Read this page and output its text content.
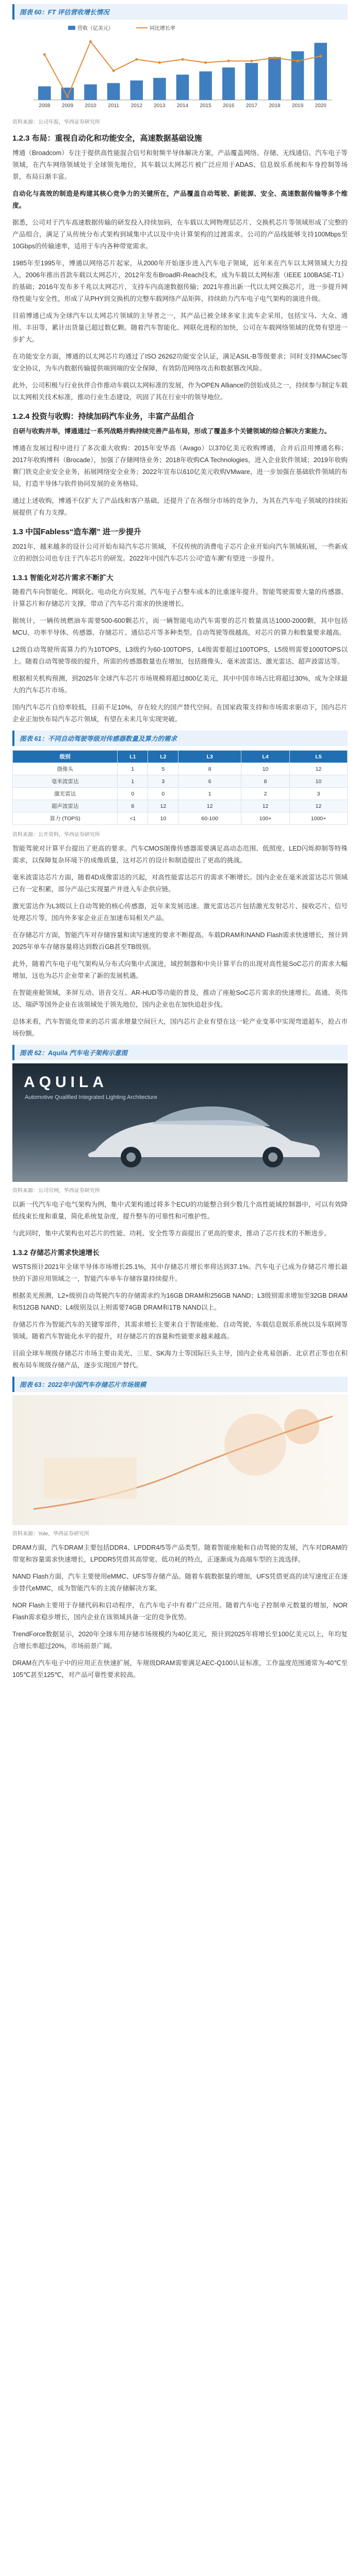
图表 60：FT 评估营收增长情况
营收（亿美元）	同比增长率
2008 2009 2010 2011 2012 2013 2014 2015 2016 2017 2018 2019 2020
资料来源：公司年报，华西证券研究所
1.2.3 布局：重视自动化和功能安全，高速数据基础设施
博通（Broadcom）专注于提供高性能混合信号和射频半导体解决方案，产品覆盖网络、存储、无线通信、汽车电子等领域，在汽车网络领域处于全球领先地位，其车载以太网芯片被广泛应用于ADAS、信息娱乐系统和车身控制等场景，布局日渐丰富。
自动化与高效的制造是构建其核心竞争力的关键所在，产品覆盖自动驾驶、新能源、安全、高速数据传输等多个维度。
据悉，公司对于汽车高速数据传输的研发投入持续加码，在车载以太网物理层芯片、交换机芯片等领域形成了完整的产品组合，满足了从传统分布式架构到域集中式以及中央计算架构的过渡需求。公司的产品线能够支持100Mbps至10Gbps的传输速率，适用于车内各种带宽需求。
1985年至1995年，博通以网络芯片起家，从2000年开始逐步进入汽车电子领域，近年来在汽车以太网领域大力投入，2006年推出首款车载以太网芯片，2012年发布BroadR-Reach技术，成为车载以太网标准（IEEE 100BASE-T1）的基础；2016年发布多千兆以太网芯片，支持车内高速数据传输；2021年推出新一代以太网交换芯片，进一步提升网络性能与安全性，形成了从PHY到交换机的完整车载网络产品矩阵，持续助力汽车电子电气架构的演进升级。
目前博通已成为全球汽车以太网芯片领域的主导者之一，其产品已被全球多家主流车企采用，包括宝马、大众、通用、丰田等，累计出货量已超过数亿颗。随着汽车智能化、网联化进程的加快，公司在车载网络领域的优势有望进一步扩大。
在功能安全方面，博通的以太网芯片均通过了ISO 26262功能安全认证，满足ASIL-B等级要求；同时支持MACsec等安全协议，为车内数据传输提供端到端的安全保障，有效防范网络攻击和数据篡改风险。
此外，公司积极与行业伙伴合作推动车载以太网标准的发展，作为OPEN Alliance的创始成员之一，持续参与制定车载以太网相关技术标准，推动行业生态建设，巩固了其在行业中的领导地位。
1.2.4 投资与收购：持续加码汽车业务，丰富产品组合
自研与收购并举，博通通过一系列战略并购持续完善产品布局，形成了覆盖多个关键领域的综合解决方案能力。
博通在发展过程中进行了多次重大收购：2015年安华高（Avago）以370亿美元收购博通，合并后沿用博通名称；2017年收购博科（Brocade），加强了存储网络业务；2018年收购CA Technologies，进入企业软件领域；2019年收购赛门铁克企业安全业务，拓展网络安全业务；2022年宣布以610亿美元收购VMware，进一步加强在基础软件领域的布局，打造半导体与软件协同发展的业务格局。
通过上述收购，博通不仅扩大了产品线和客户基础，还提升了在各细分市场的竞争力，为其在汽车电子领域的持续拓展提供了有力支撑。
1.3 中国Fabless“造车潮” 进一步提升
2021年，越来越多的设计公司开始布局汽车芯片领域，不仅传统的消费电子芯片企业开始向汽车领域拓展，一些新成立的初创公司也专注于汽车芯片的研发。2022年中国汽车芯片公司“造车潮”有望进一步提升。
1.3.1 智能化对芯片需求不断扩大
随着汽车向智能化、网联化、电动化方向发展，汽车电子占整车成本的比重逐年提升。智能驾驶需要大量的传感器、计算芯片和存储芯片支撑，带动了汽车芯片需求的快速增长。
据统计，一辆传统燃油车需要500-600颗芯片，而一辆智能电动汽车需要的芯片数量高达1000-2000颗，其中包括MCU、功率半导体、传感器、存储芯片、通信芯片等多种类型。自动驾驶等级越高，对芯片的算力和数量要求越高。
L2级自动驾驶所需算力约为10TOPS，L3级约为60-100TOPS，L4级需要超过100TOPS，L5级则需要1000TOPS以上。随着自动驾驶等级的提升，所需的传感器数量也在增加，包括摄像头、毫米波雷达、激光雷达、超声波雷达等。
根据相关机构预测，到2025年全球汽车芯片市场规模将超过800亿美元，其中中国市场占比将超过30%，成为全球最大的汽车芯片市场。
国内汽车芯片自给率较低，目前不足10%，存在较大的国产替代空间。在国家政策支持和市场需求驱动下，国内芯片企业正加快布局汽车芯片领域，有望在未来几年实现突破。
图表 61：不同自动驾驶等级对传感器数量及算力的需求
级别	L1	L2	L3	L4	L5
摄像头	1	5	8	10	12
毫米波雷达	1	3	6	8	10
激光雷达	0	0	1	2	3
超声波雷达	8	12	12	12	12
算力 (TOPS)	<1	10	60-100	100+	1000+
资料来源：公开资料，华西证券研究所
智能驾驶对计算平台提出了更高的要求。汽车CMOS图像传感器需要满足高动态范围、低照度、LED闪烁抑制等特殊需求，以保障复杂环境下的成像质量，这对芯片的设计和制造提出了更高的挑战。
毫米波雷达芯片方面，随着4D成像雷达的兴起，对高性能雷达芯片的需求不断增长。国内企业在毫米波雷达芯片领域已有一定积累，部分产品已实现量产并进入车企供应链。
激光雷达作为L3级以上自动驾驶的核心传感器，近年来发展迅速。激光雷达芯片包括激光发射芯片、接收芯片、信号处理芯片等，国内外多家企业正在加速布局相关产品。
在存储芯片方面，智能汽车对存储容量和读写速度的要求不断提高。车载DRAM和NAND Flash需求快速增长，预计到2025年单车存储容量将达到数百GB甚至TB级别。
此外，随着汽车电子电气架构从分布式向集中式演进，域控制器和中央计算平台的出现对高性能SoC芯片的需求大幅增加，这也为芯片企业带来了新的发展机遇。
在智能座舱领域，多屏互动、语音交互、AR-HUD等功能的普及，推动了座舱SoC芯片需求的快速增长。高通、英伟达、瑞萨等国外企业在该领域处于领先地位，国内企业也在加快追赶步伐。
总体来看，汽车智能化带来的芯片需求增量空间巨大，国内芯片企业有望在这一轮产业变革中实现弯道超车，抢占市场份额。
图表 62：Aquila 汽车电子架构示意图
AQUILA
Automotive Qualified Integrated Lighting Architecture
资料来源：公司官网，华西证券研究所
以新一代汽车电子电气架构为例，集中式架构通过将多个ECU的功能整合到少数几个高性能域控制器中，可以有效降低线束长度和重量，简化系统复杂度，提升整车的可靠性和可维护性。
与此同时，集中式架构也对芯片的性能、功耗、安全性等方面提出了更高的要求，推动了芯片技术的不断进步。
1.3.2 存储芯片需求快速增长
WSTS预计2021年全球半导体市场增长25.1%，其中存储芯片增长率将达到37.1%。汽车电子已成为存储芯片增长最快的下游应用领域之一，智能汽车单车存储容量持续提升。
根据美光预测，L2+级别自动驾驶汽车的存储需求约为16GB DRAM和256GB NAND；L3级别需求增加至32GB DRAM和512GB NAND；L4级别及以上则需要74GB DRAM和1TB NAND以上。
存储芯片作为智能汽车的关键零部件，其需求增长主要来自于智能座舱、自动驾驶、车载信息娱乐系统以及车联网等领域。随着汽车智能化水平的提升，对存储芯片的容量和性能要求越来越高。
目前全球车规级存储芯片市场主要由美光、三星、SK海力士等国际巨头主导，国内企业兆易创新、北京君正等也在积极布局车规级存储产品，逐步实现国产替代。
图表 63：2022年中国汽车存储芯片市场规模
资料来源：Yole，华西证券研究所
DRAM方面，汽车DRAM主要包括DDR4、LPDDR4/5等产品类型。随着智能座舱和自动驾驶的发展，汽车对DRAM的带宽和容量需求快速增长，LPDDR5凭借其高带宽、低功耗的特点，正逐渐成为高端车型的主流选择。
NAND Flash方面，汽车主要使用eMMC、UFS等存储产品。随着车载数据量的增加，UFS凭借更高的读写速度正在逐步替代eMMC，成为智能汽车的主流存储解决方案。
NOR Flash主要用于存储代码和启动程序，在汽车电子中有着广泛应用。随着汽车电子控制单元数量的增加，NOR Flash需求稳步增长，国内企业在该领域具备一定的竞争优势。
TrendForce数据显示，2020年全球车用存储市场规模约为40亿美元，预计到2025年将增长至100亿美元以上，年均复合增长率超过20%，市场前景广阔。
DRAM在汽车电子中的应用正在快速扩展，车规级DRAM需要满足AEC-Q100认证标准，工作温度范围通常为-40℃至105℃甚至125℃，对产品可靠性要求较高。
